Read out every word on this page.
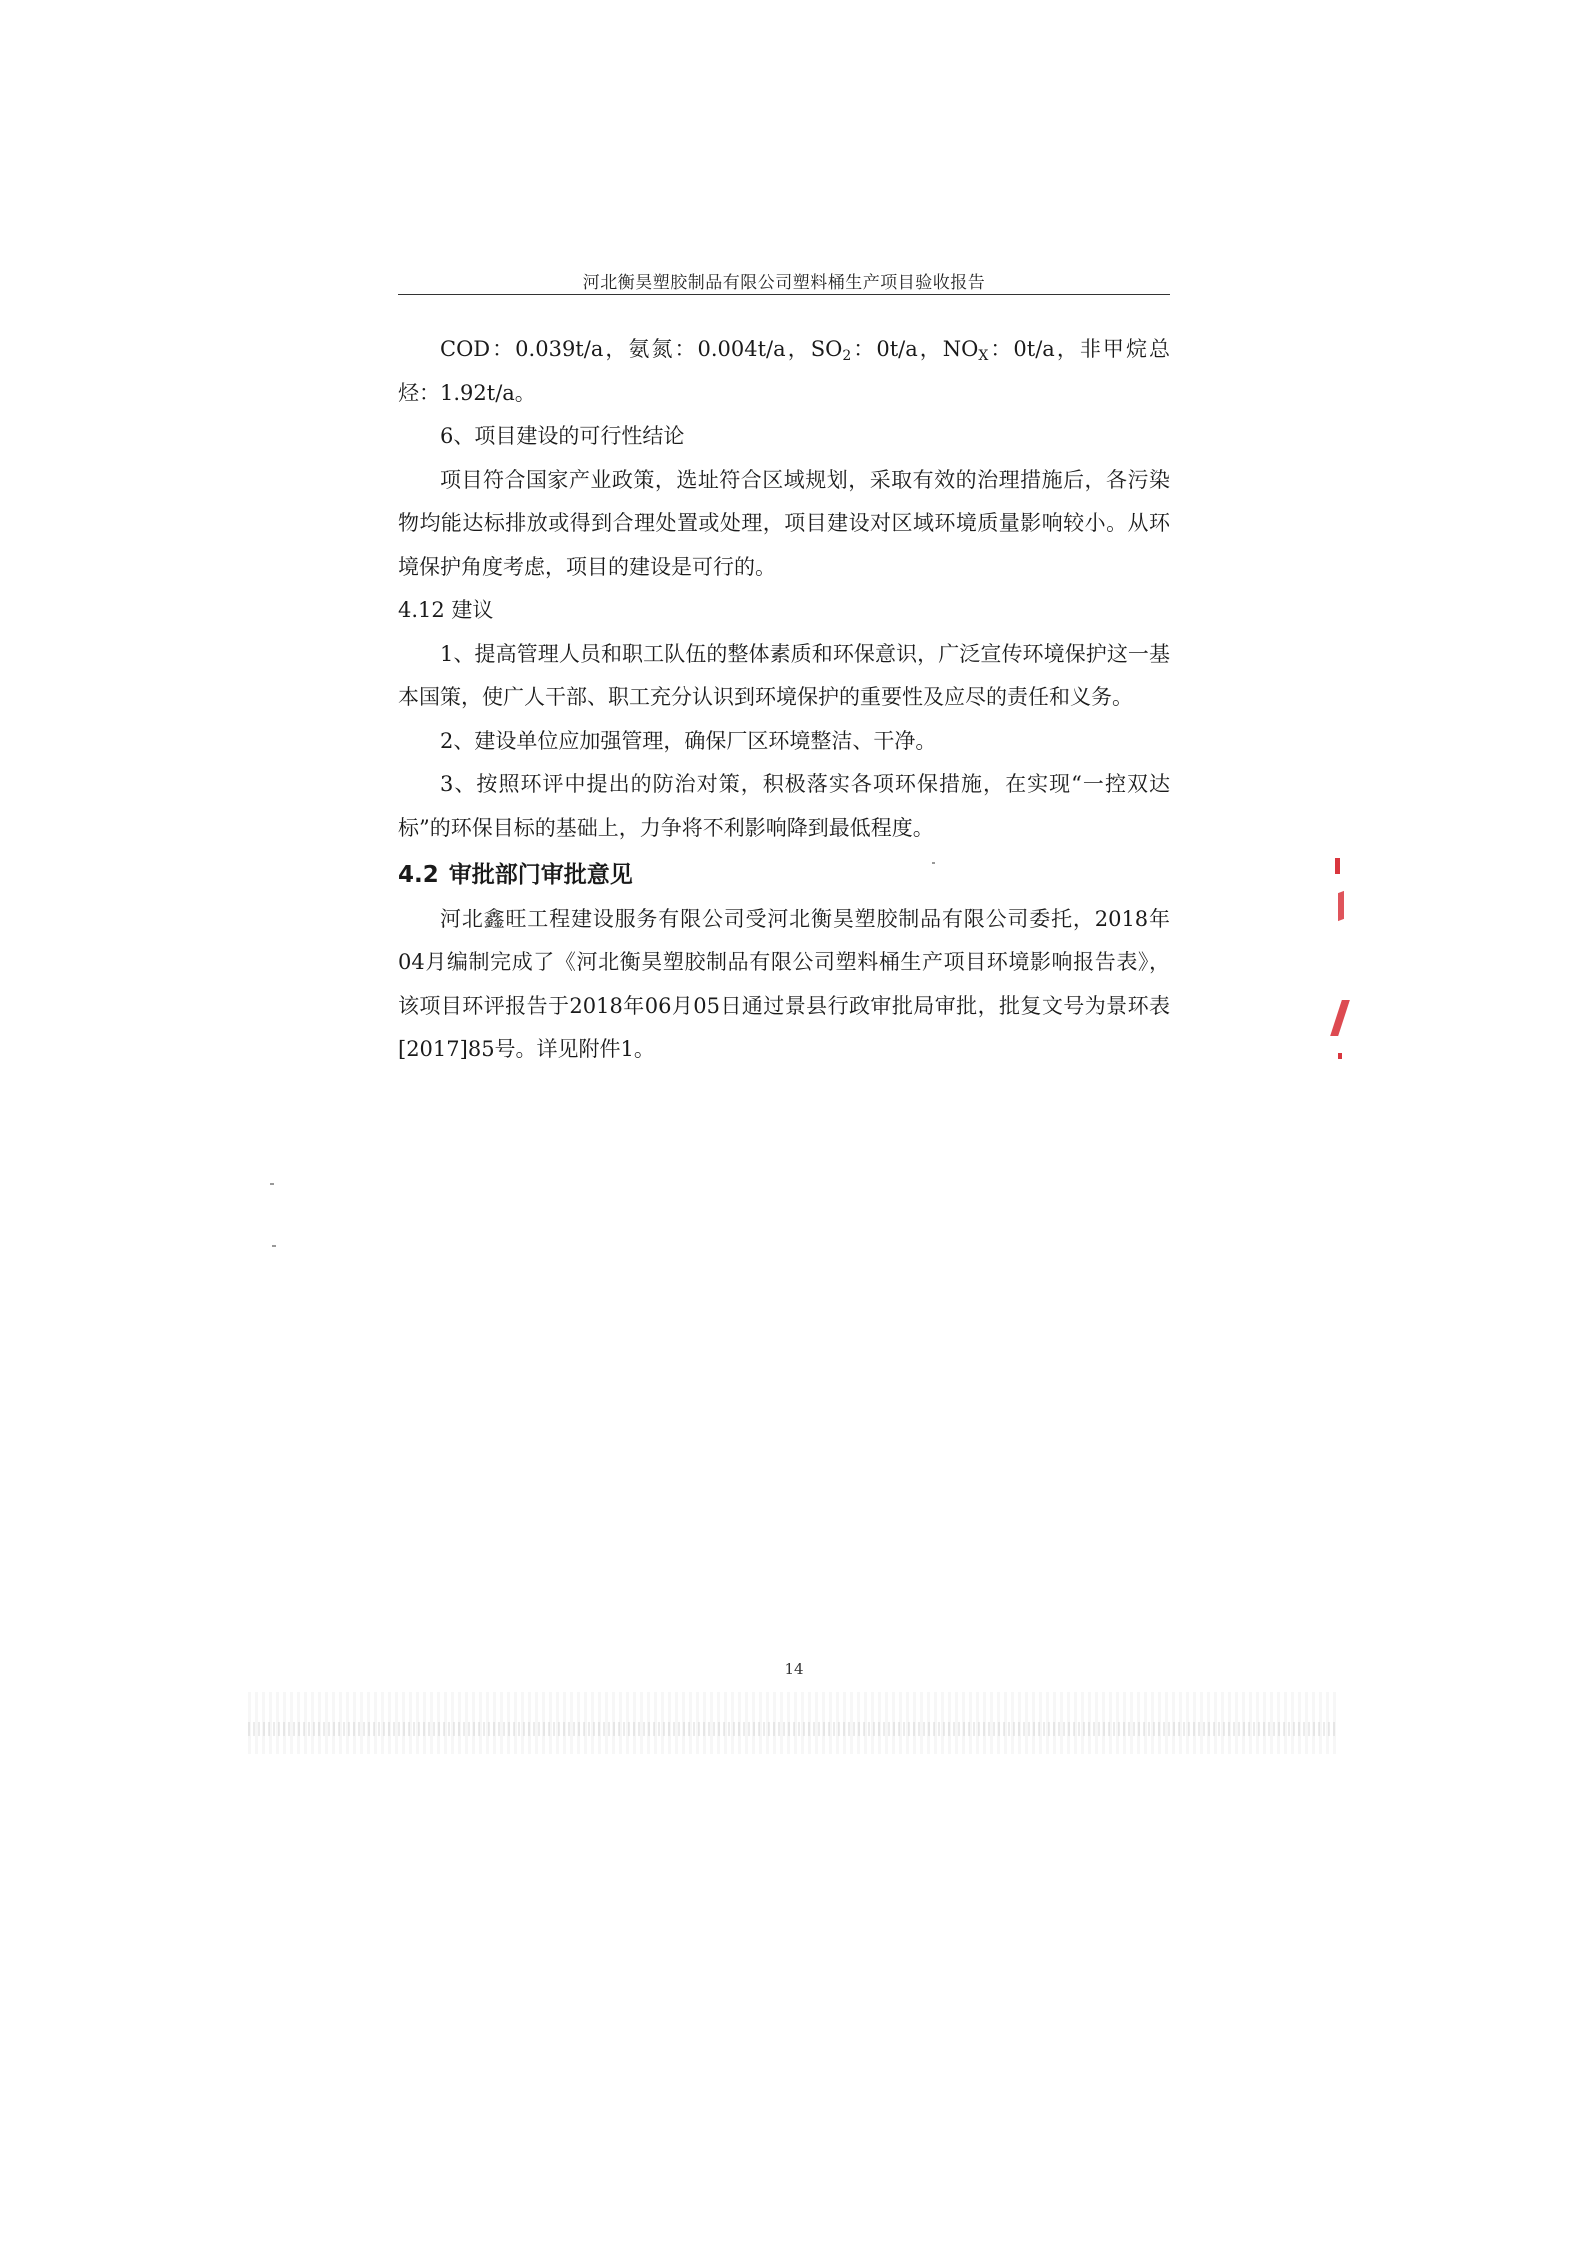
河北衡昊塑胶制品有限公司塑料桶生产项目验收报告

COD：0.039t/a，氨氮：0.004t/a，$SO_2$：0t/a，$NO_X$：0t/a，非甲烷总烃：1.92t/a。

6、项目建设的可行性结论

项目符合国家产业政策，选址符合区域规划，采取有效的治理措施后，各污染物均能达标排放或得到合理处置或处理，项目建设对区域环境质量影响较小。从环境保护角度考虑，项目的建设是可行的。

4.12 建议

1、提高管理人员和职工队伍的整体素质和环保意识，广泛宣传环境保护这一基本国策，使广人干部、职工充分认识到环境保护的重要性及应尽的责任和义务。

2、建设单位应加强管理，确保厂区环境整洁、干净。

3、按照环评中提出的防治对策，积极落实各项环保措施，在实现“一控双达标”的环保目标的基础上，力争将不利影响降到最低程度。

4.2 审批部门审批意见

河北鑫旺工程建设服务有限公司受河北衡昊塑胶制品有限公司委托，2018年04月编制完成了《河北衡昊塑胶制品有限公司塑料桶生产项目环境影响报告表》，该项目环评报告于2018年06月05日通过景县行政审批局审批，批复文号为景环表[2017]85号。详见附件1。

14
